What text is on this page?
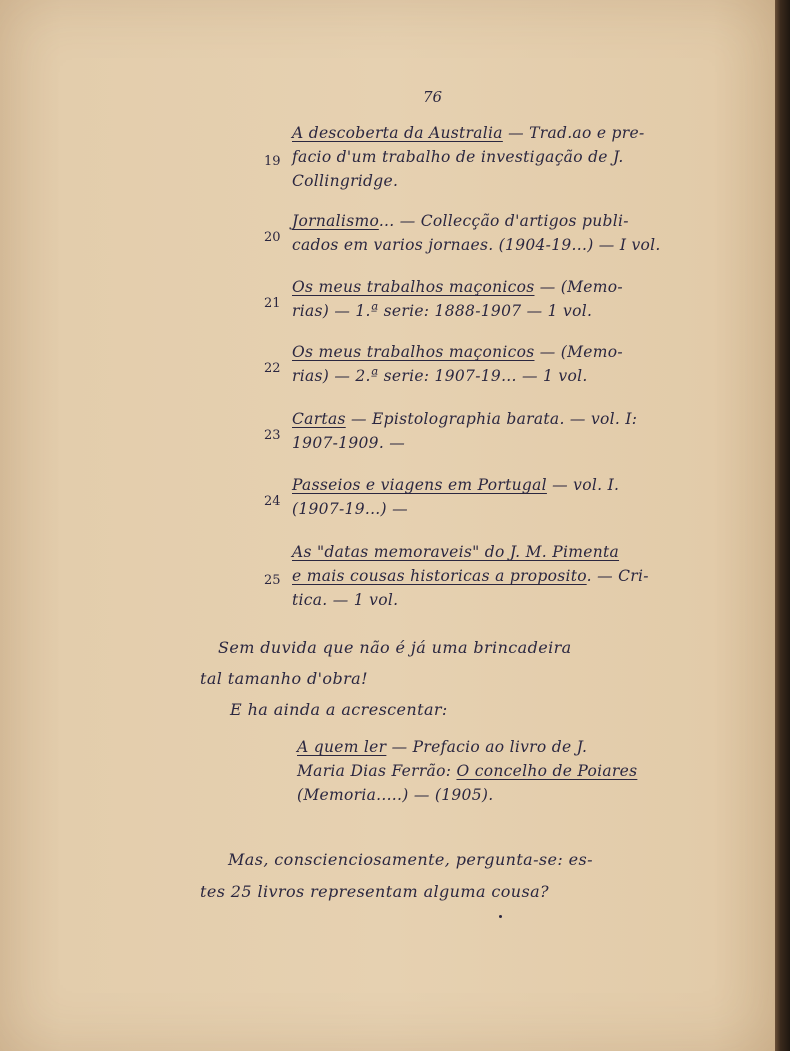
76
19
A descoberta da Australia — Trad.ao e pre-
facio d'um trabalho de investigação de J.
Collingridge.
20
Jornalismo... — Collecção d'artigos publi-
cados em varios jornaes. (1904-19...) — I vol.
21
Os meus trabalhos maçonicos — (Memo-
rias) — 1.ª serie: 1888-1907 — 1 vol.
22
Os meus trabalhos maçonicos — (Memo-
rias) — 2.ª serie: 1907-19... — 1 vol.
23
Cartas — Epistolographia barata. — vol. I:
1907-1909. —
24
Passeios e viagens em Portugal — vol. I.
(1907-19...) —
25
As "datas memoraveis" do J. M. Pimenta
e mais cousas historicas a proposito. — Cri-
tica. — 1 vol.
Sem duvida que não é já uma brincadeira
tal tamanho d'obra!
E ha ainda a acrescentar:
A quem ler — Prefacio ao livro de J.
Maria Dias Ferrão: O concelho de Poiares
(Memoria.....) — (1905).
Mas, conscienciosamente, pergunta-se: es-
tes 25 livros representam alguma cousa?
